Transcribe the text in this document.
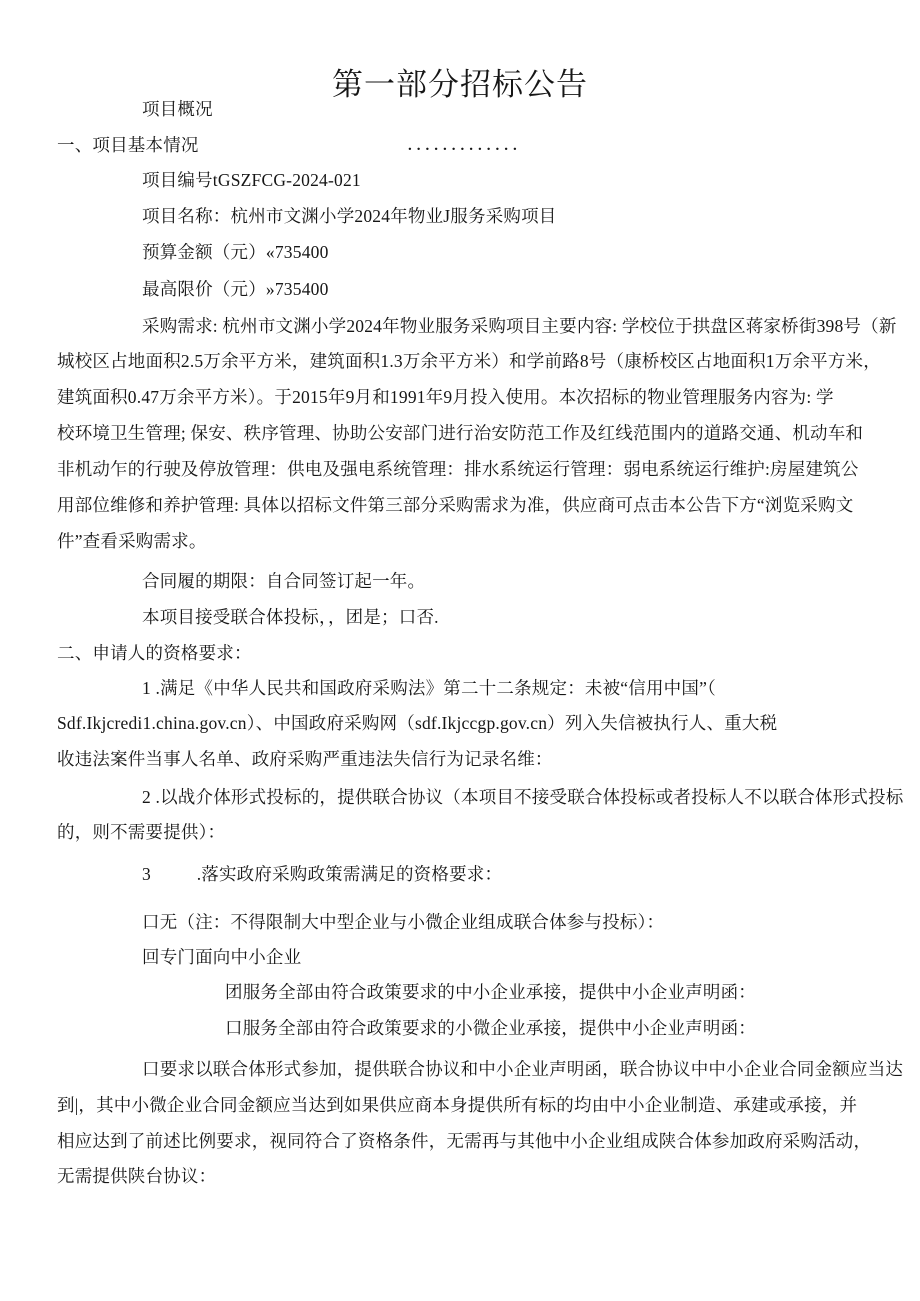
第一部分招标公告
项目概况
一、项目基本情况	.............
项目编号tGSZFCG-2024-021
项目名称：杭州市文渊小学2024年物业J服务采购项目
预算金额（元）«735400
最高限价（元）»735400
采购需求: 杭州市文渊小学2024年物业服务采购项目主要内容: 学校位于拱盘区蒋家桥街398号（新
城校区占地面积2.5万余平方米，建筑面积1.3万余平方米）和学前路8号（康桥校区占地面积1万余平方米，
建筑面积0.47万余平方米）。于2015年9月和1991年9月投入使用。本次招标的物业管理服务内容为: 学
校环境卫生管理; 保安、秩序管理、协助公安部门进行治安防范工作及红线范围内的道路交通、机动车和
非机动乍的行驶及停放管理：供电及强电系统管理：排水系统运行管理：弱电系统运行维护:房屋建筑公
用部位维修和养护管理: 具体以招标文件第三部分采购需求为准，供应商可点击本公告下方“浏览采购文
件”查看采购需求。
合同履的期限：自合同签订起一年。
本项目接受联合体投标，，团是；口否.
二、申请人的资格要求：
1 .满足《中华人民共和国政府采购法》第二十二条规定：未被“信用中国”（
Sdf.Ikjcredi1.china.gov.cn）、中国政府采购网（sdf.Ikjccgp.gov.cn）列入失信被执行人、重大税
收违法案件当事人名单、政府采购严重违法失信行为记录名维：
2 .以战介体形式投标的，提供联合协议（本项目不接受联合体投标或者投标人不以联合体形式投标
的，则不需要提供）：
3          .落实政府采购政策需满足的资格要求：
口无（注：不得限制大中型企业与小微企业组成联合体参与投标）：
回专门面向中小企业
团服务全部由符合政策要求的中小企业承接，提供中小企业声明函：
口服务全部由符合政策要求的小微企业承接，提供中小企业声明函：
口要求以联合体形式参加，提供联合协议和中小企业声明函，联合协议中中小企业合同金额应当达
到|，其中小微企业合同金额应当达到如果供应商本身提供所有标的均由中小企业制造、承建或承接，并
相应达到了前述比例要求，视同符合了资格条件，无需再与其他中小企业组成陕合体参加政府采购活动，
无需提供陕台协议：
